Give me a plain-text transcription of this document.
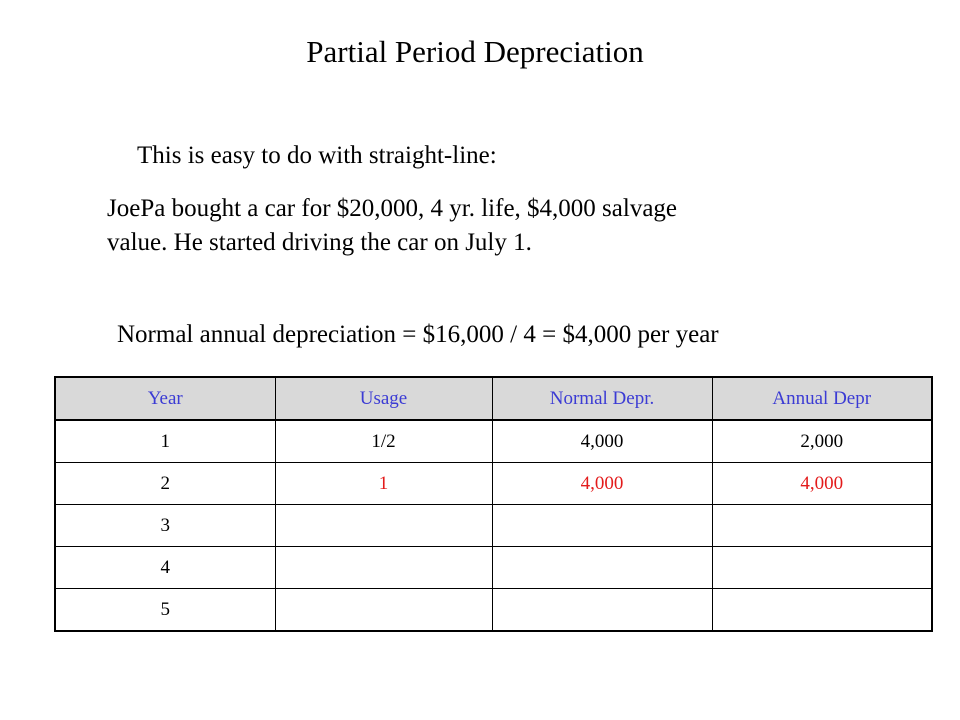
Partial Period Depreciation
This is easy to do with straight-line:
JoePa bought a car for $20,000, 4 yr. life, $4,000 salvage
value. He started driving the car on July 1.
Normal annual depreciation = $16,000 / 4 = $4,000 per year
Year	Usage	Normal Depr.	Annual Depr
1	1/2	4,000	2,000
2	1	4,000	4,000
3			
4			
5			
